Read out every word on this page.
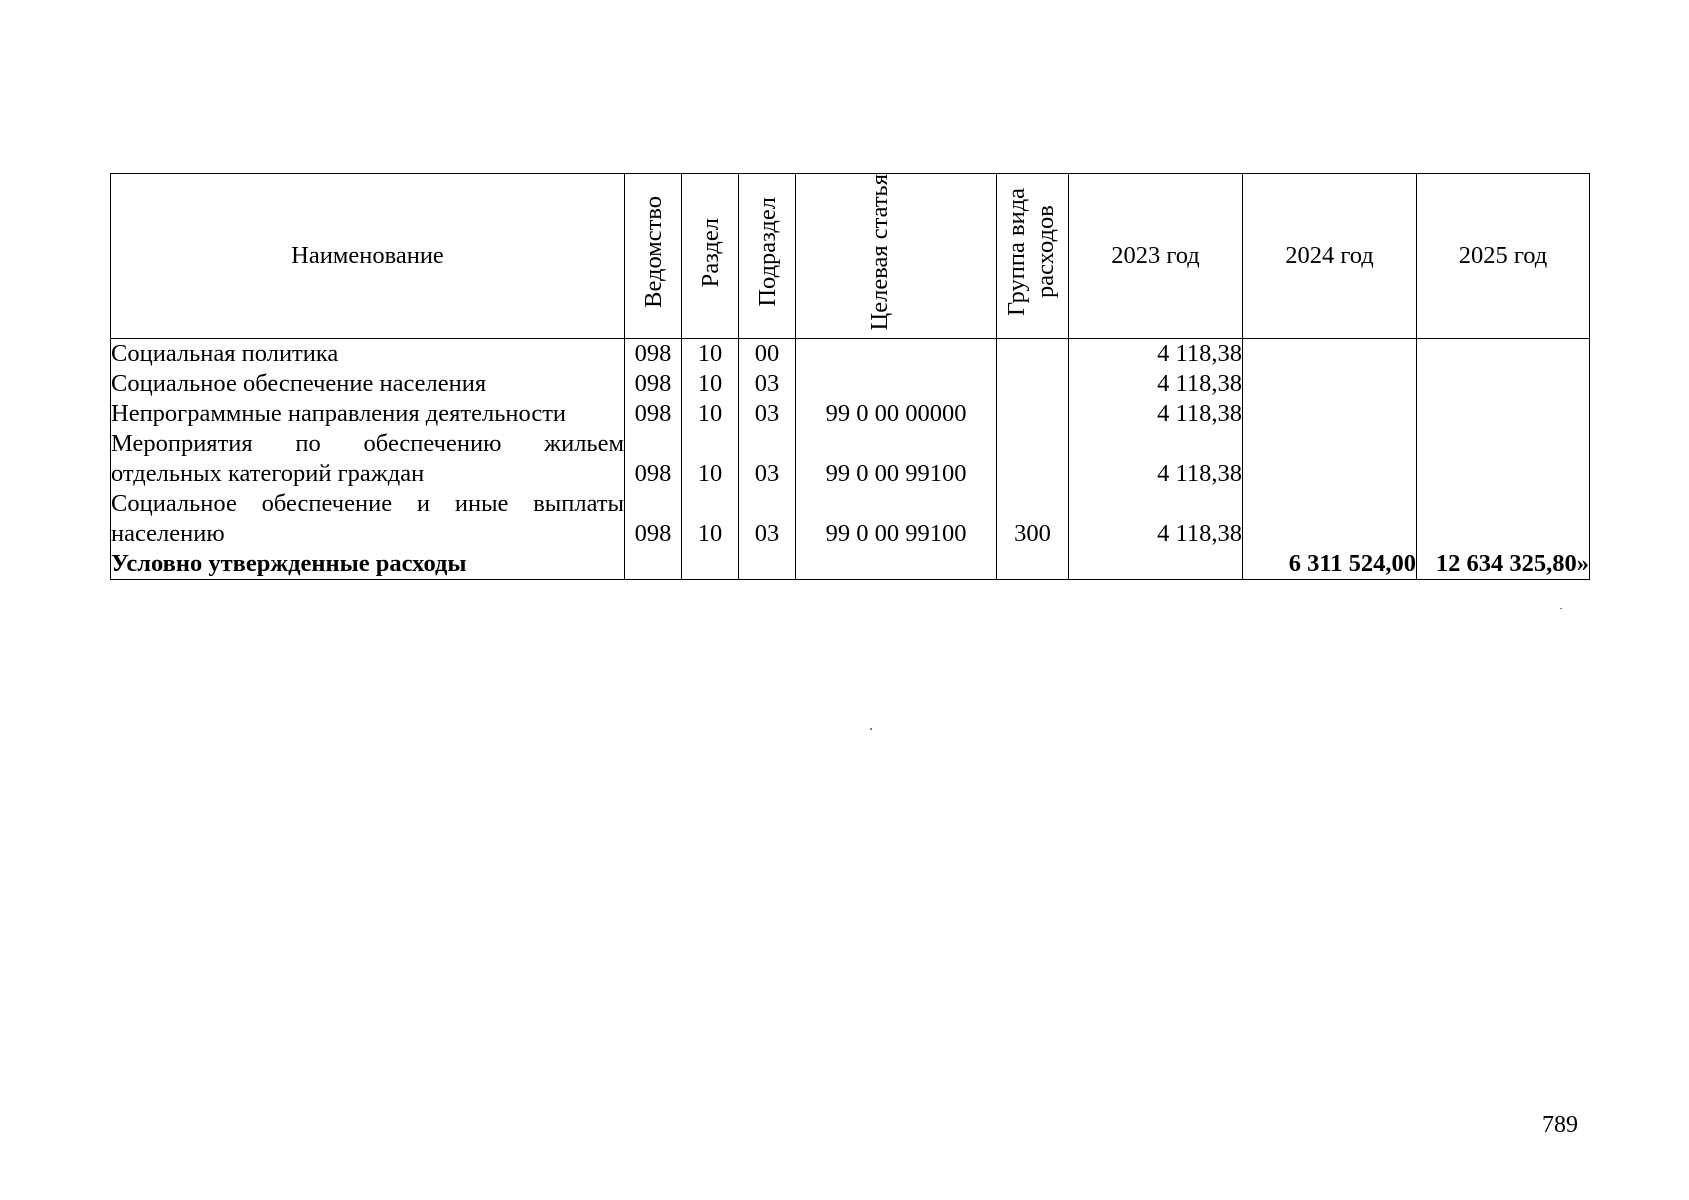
Наименование	Ведомство	Раздел	Подраздел	Целевая статья	Группа вида расходов	2023 год	2024 год	2025 год
Социальная политика	098	10	00			4 118,38		
Социальное обеспечение населения	098	10	03			4 118,38		
Непрограммные направления деятельности	098	10	03	99 0 00 00000		4 118,38		
Мероприятия по обеспечению жильем отдельных категорий граждан	098	10	03	99 0 00 99100		4 118,38		
Социальное обеспечение и иные выплаты населению	098	10	03	99 0 00 99100	300	4 118,38		
Условно утвержденные расходы							6 311 524,00	12 634 325,80»
789
